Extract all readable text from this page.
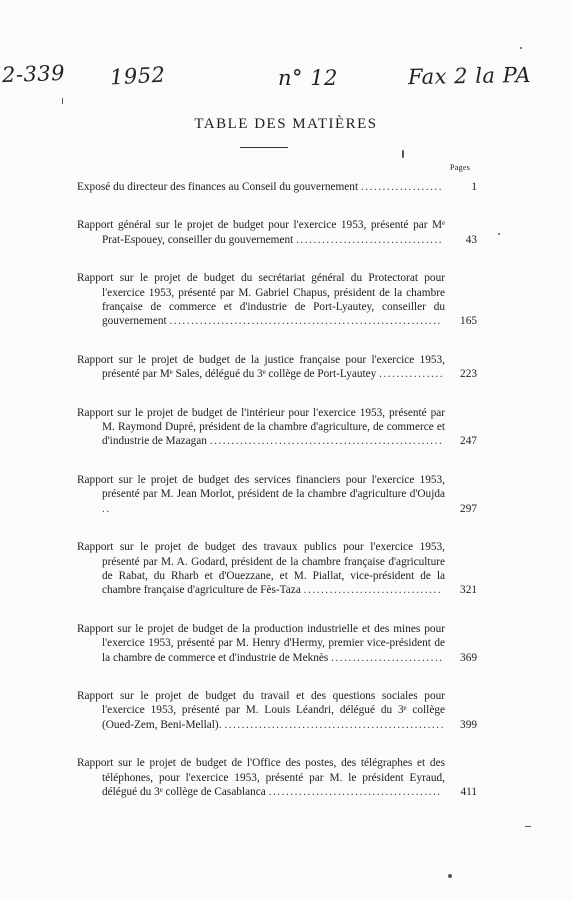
2-339 1952	n° 12	Fax 2 la PA
TABLE DES MATIÈRES
Pages
Exposé du directeur des finances au Conseil du gouvernement ...................	1
Rapport général sur le projet de budget pour l'exercice 1953, présenté par Mᵉ Prat-Espouey, conseiller du gouvernement .................................. 43
Rapport sur le projet de budget du secrétariat général du Protectorat pour l'exercice 1953, présenté par M. Gabriel Chapus, président de la chambre française de commerce et d'industrie de Port-Lyautey, conseiller du gouvernement ............................................................... 165
Rapport sur le projet de budget de la justice française pour l'exercice 1953, présenté par Mᵉ Sales, délégué du 3ᵉ collège de Port-Lyautey ............... 223
Rapport sur le projet de budget de l'intérieur pour l'exercice 1953, présenté par M. Raymond Dupré, président de la chambre d'agriculture, de commerce et d'industrie de Mazagan ...................................................... 247
Rapport sur le projet de budget des services financiers pour l'exercice 1953, présenté par M. Jean Morlot, président de la chambre d'agriculture d'Oujda ..	297
Rapport sur le projet de budget des travaux publics pour l'exercice 1953, présenté par M. A. Godard, président de la chambre française d'agriculture de Rabat, du Rharb et d'Ouezzane, et M. Piallat, vice-président de la chambre française d'agriculture de Fès-Taza ................................ 321
Rapport sur le projet de budget de la production industrielle et des mines pour l'exercice 1953, présenté par M. Henry d'Hermy, premier vice-président de la chambre de commerce et d'industrie de Meknès .......................... 369
Rapport sur le projet de budget du travail et des questions sociales pour l'exercice 1953, présenté par M. Louis Léandri, délégué du 3ᵉ collège (Oued-Zem, Beni-Mellal). ................................................... 399
Rapport sur le projet de budget de l'Office des postes, des télégraphes et des téléphones, pour l'exercice 1953, présenté par M. le président Eyraud, délégué du 3ᵉ collège de Casablanca ........................................ 411
